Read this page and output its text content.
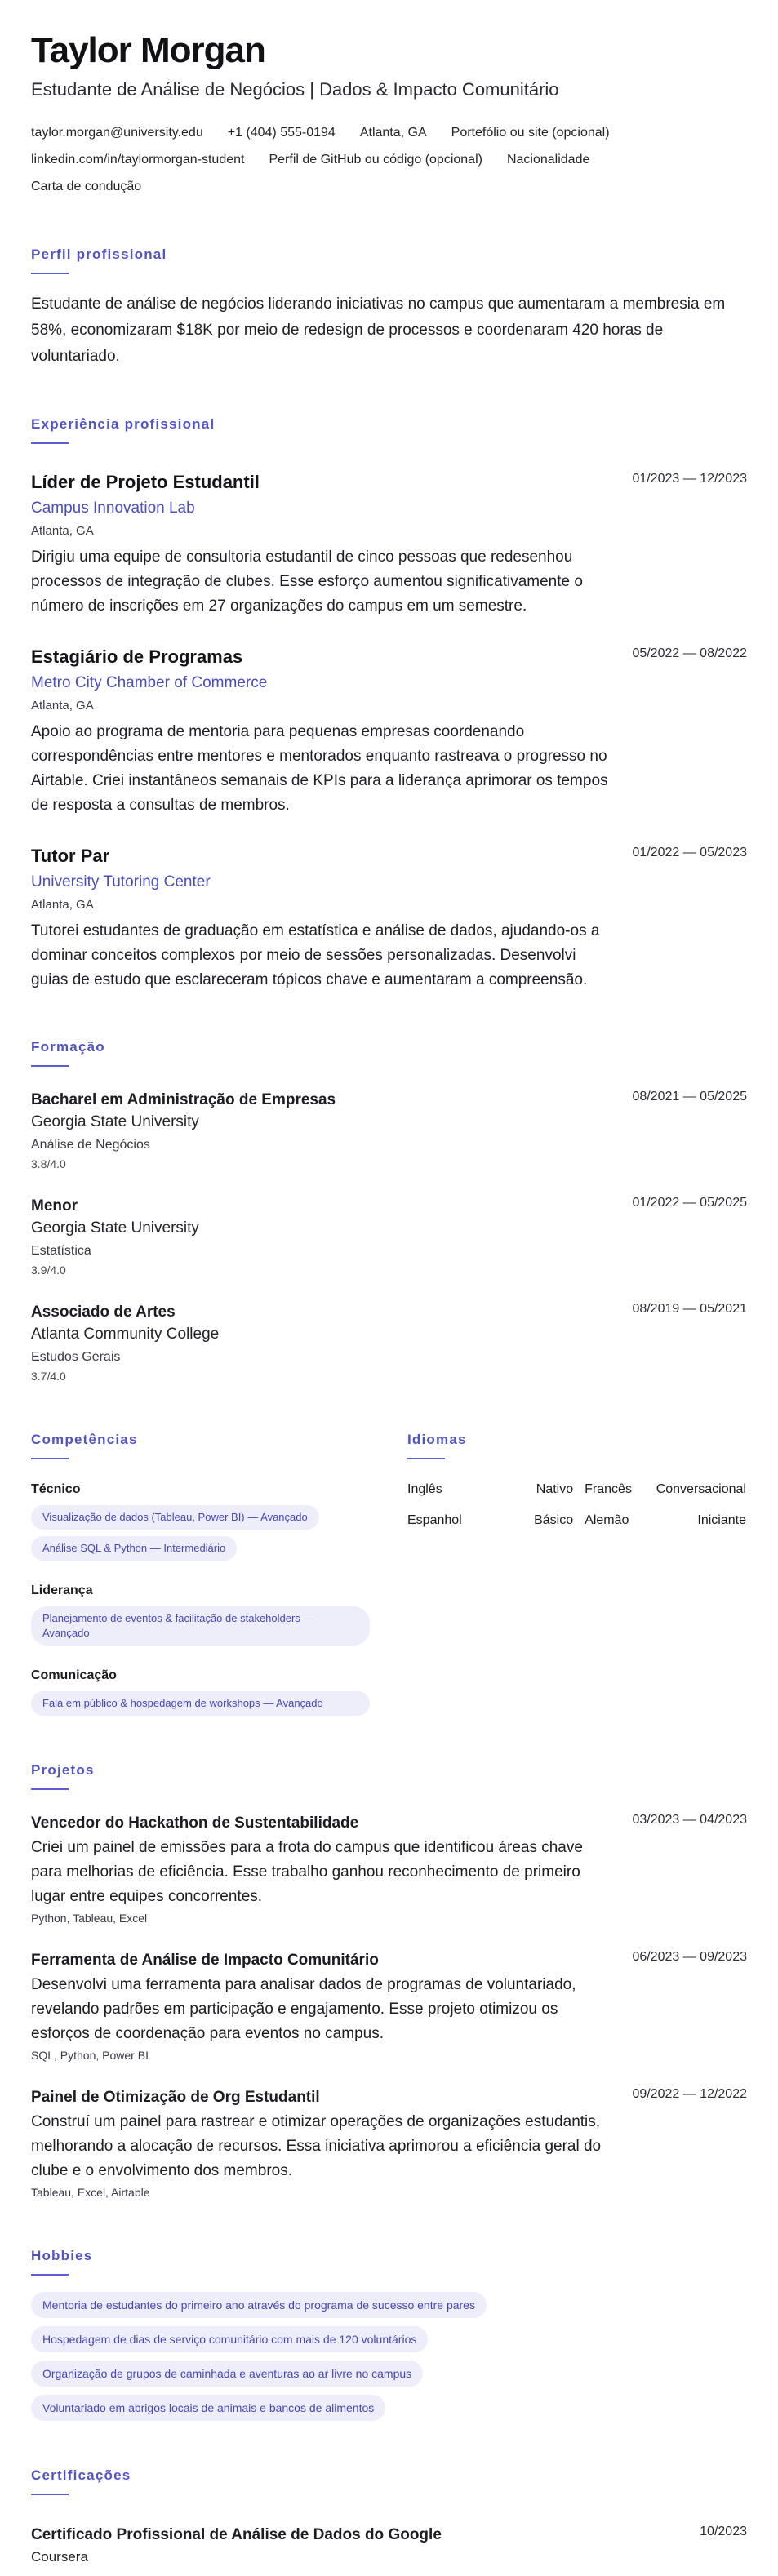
Taylor Morgan
Estudante de Análise de Negócios | Dados & Impacto Comunitário
taylor.morgan@university.edu +1 (404) 555-0194 Atlanta, GA Portefólio ou site (opcional)
linkedin.com/in/taylormorgan-student Perfil de GitHub ou código (opcional) Nacionalidade
Carta de condução
Perfil profissional
Estudante de análise de negócios liderando iniciativas no campus que aumentaram a membresia em 58%, economizaram $18K por meio de redesign de processos e coordenaram 420 horas de voluntariado.
Experiência profissional
Líder de Projeto Estudantil	01/2023 — 12/2023
Campus Innovation Lab
Atlanta, GA
Dirigiu uma equipe de consultoria estudantil de cinco pessoas que redesenhou processos de integração de clubes. Esse esforço aumentou significativamente o número de inscrições em 27 organizações do campus em um semestre.
Estagiário de Programas	05/2022 — 08/2022
Metro City Chamber of Commerce
Atlanta, GA
Apoio ao programa de mentoria para pequenas empresas coordenando correspondências entre mentores e mentorados enquanto rastreava o progresso no Airtable. Criei instantâneos semanais de KPIs para a liderança aprimorar os tempos de resposta a consultas de membros.
Tutor Par	01/2022 — 05/2023
University Tutoring Center
Atlanta, GA
Tutorei estudantes de graduação em estatística e análise de dados, ajudando-os a dominar conceitos complexos por meio de sessões personalizadas. Desenvolvi guias de estudo que esclareceram tópicos chave e aumentaram a compreensão.
Formação
Bacharel em Administração de Empresas	08/2021 — 05/2025
Georgia State University
Análise de Negócios
3.8/4.0
Menor	01/2022 — 05/2025
Georgia State University
Estatística
3.9/4.0
Associado de Artes	08/2019 — 05/2021
Atlanta Community College
Estudos Gerais
3.7/4.0
Competências
Técnico
Visualização de dados (Tableau, Power BI) — Avançado
Análise SQL & Python — Intermediário
Liderança
Planejamento de eventos & facilitação de stakeholders — Avançado
Comunicação
Fala em público & hospedagem de workshops — Avançado
Idiomas
Inglês	Nativo Francês	Conversacional
Espanhol	Básico Alemão	Iniciante
Projetos
Vencedor do Hackathon de Sustentabilidade	03/2023 — 04/2023
Criei um painel de emissões para a frota do campus que identificou áreas chave para melhorias de eficiência. Esse trabalho ganhou reconhecimento de primeiro lugar entre equipes concorrentes.
Python, Tableau, Excel
Ferramenta de Análise de Impacto Comunitário	06/2023 — 09/2023
Desenvolvi uma ferramenta para analisar dados de programas de voluntariado, revelando padrões em participação e engajamento. Esse projeto otimizou os esforços de coordenação para eventos no campus.
SQL, Python, Power BI
Painel de Otimização de Org Estudantil	09/2022 — 12/2022
Construí um painel para rastrear e otimizar operações de organizações estudantis, melhorando a alocação de recursos. Essa iniciativa aprimorou a eficiência geral do clube e o envolvimento dos membros.
Tableau, Excel, Airtable
Hobbies
Mentoria de estudantes do primeiro ano através do programa de sucesso entre pares
Hospedagem de dias de serviço comunitário com mais de 120 voluntários
Organização de grupos de caminhada e aventuras ao ar livre no campus
Voluntariado em abrigos locais de animais e bancos de alimentos
Certificações
Certificado Profissional de Análise de Dados do Google	10/2023
Coursera
